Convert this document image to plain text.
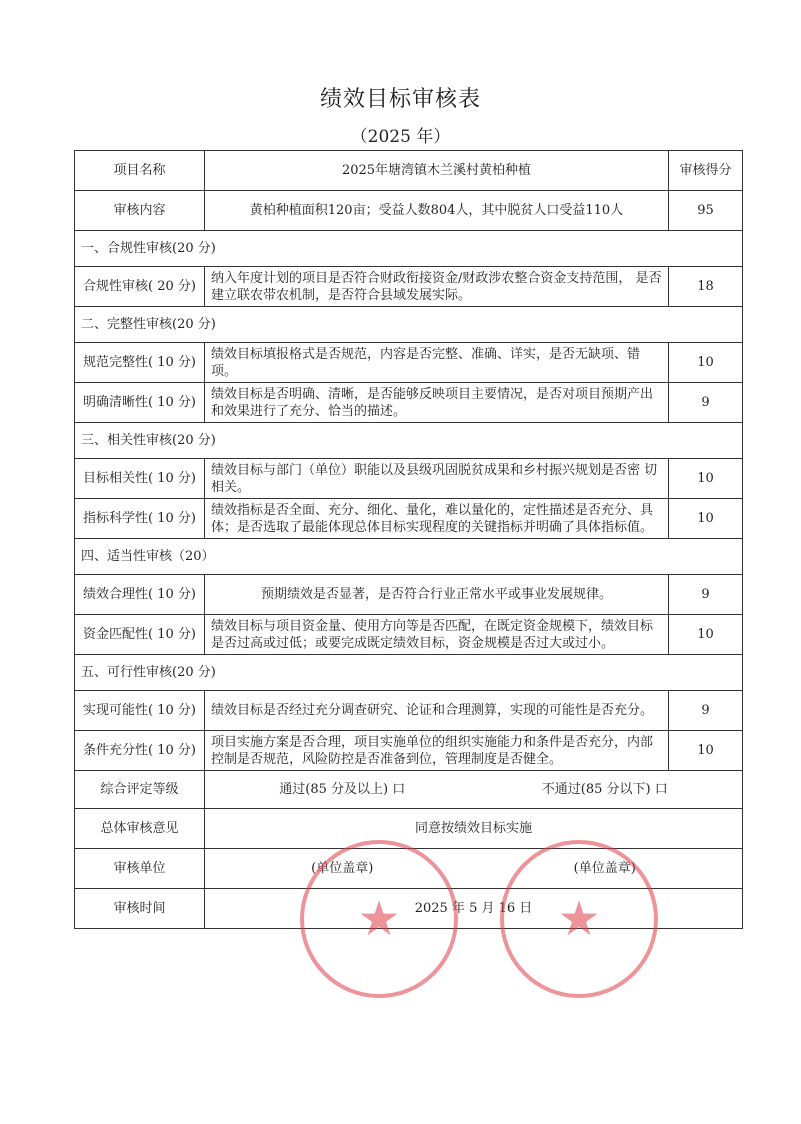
绩效目标审核表
（2025 年）
项目名称	2025年塘湾镇木兰溪村黄柏种植	审核得分
审核内容	黄柏种植面积120亩；受益人数804人，其中脱贫人口受益110人	95
一、合规性审核(20 分)		
合规性审核( 20 分)	纳入年度计划的项目是否符合财政衔接资金/财政涉农整合资金支持范围， 是否建立联农带农机制，是否符合县域发展实际。	18
二、完整性审核(20 分)		
规范完整性( 10 分)	绩效目标填报格式是否规范，内容是否完整、准确、详实，是否无缺项、错项。	10
明确清晰性( 10 分)	绩效目标是否明确、清晰，是否能够反映项目主要情况，是否对项目预期产出和效果进行了充分、恰当的描述。	9
三、相关性审核(20 分)		
目标相关性( 10 分)	绩效目标与部门（单位）职能以及县级巩固脱贫成果和乡村振兴规划是否密 切相关。	10
指标科学性( 10 分)	绩效指标是否全面、充分、细化、量化，难以量化的，定性描述是否充分、具体；是否选取了最能体现总体目标实现程度的关键指标并明确了具体指标值。	10
四、适当性审核（20）		
绩效合理性( 10 分)	预期绩效是否显著，是否符合行业正常水平或事业发展规律。	9
资金匹配性( 10 分)	绩效目标与项目资金量、使用方向等是否匹配，在既定资金规模下，绩效目标是否过高或过低；或要完成既定绩效目标，资金规模是否过大或过小。	10
五、可行性审核(20 分)		
实现可能性( 10 分)	绩效目标是否经过充分调查研究、论证和合理测算，实现的可能性是否充分。	9
条件充分性( 10 分)	项目实施方案是否合理，项目实施单位的组织实施能力和条件是否充分，内部控制是否规范，风险防控是否准备到位，管理制度是否健全。	10
综合评定等级	通过(85 分及以上) 口 不通过(85 分以下) 口	

总体审核意见	同意按绩效目标实施	
审核单位	(单位盖章) (单位盖章)	

审核时间	2025 年 5 月 16 日	
★	★
